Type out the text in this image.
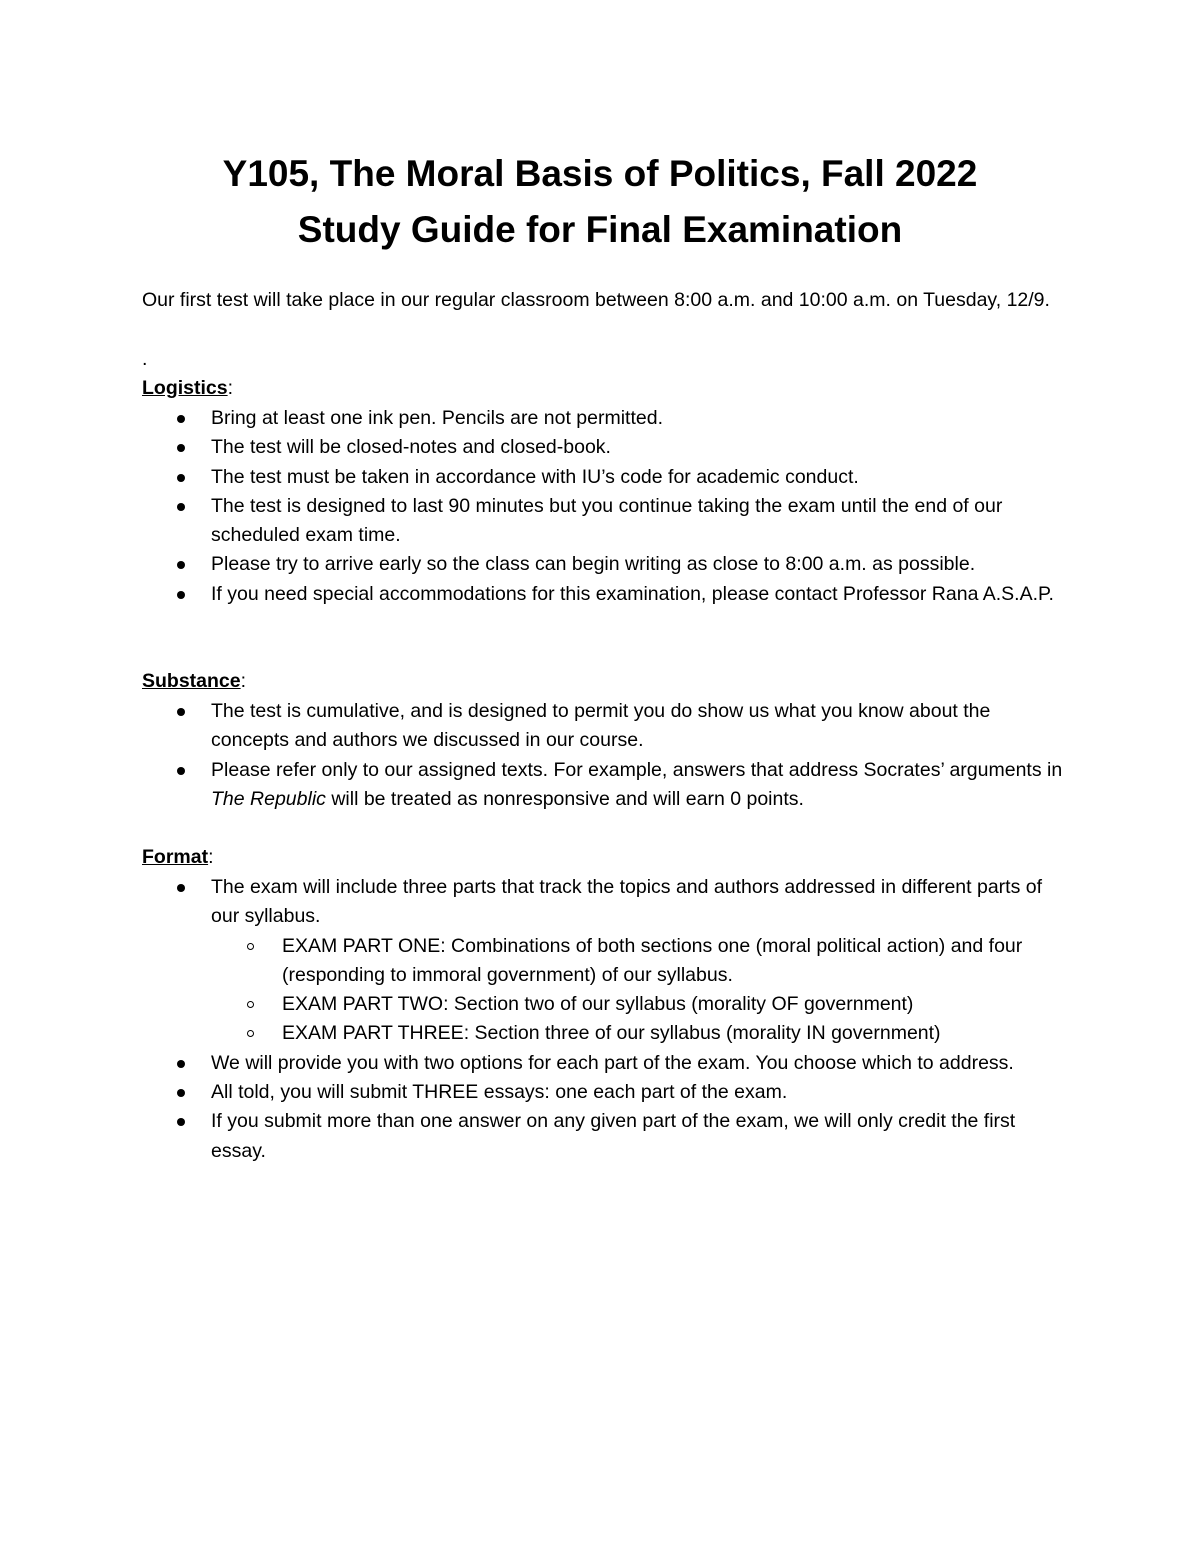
Y105, The Moral Basis of Politics, Fall 2022
Study Guide for Final Examination
Our first test will take place in our regular classroom between 8:00 a.m. and 10:00 a.m. on Tuesday, 12/9.
.
Logistics:
Bring at least one ink pen. Pencils are not permitted.
The test will be closed-notes and closed-book.
The test must be taken in accordance with IU’s code for academic conduct.
The test is designed to last 90 minutes but you continue taking the exam until the end of our scheduled exam time.
Please try to arrive early so the class can begin writing as close to 8:00 a.m. as possible.
If you need special accommodations for this examination, please contact Professor Rana A.S.A.P.
Substance:
The test is cumulative, and is designed to permit you do show us what you know about the concepts and authors we discussed in our course.
Please refer only to our assigned texts. For example, answers that address Socrates’ arguments in The Republic will be treated as nonresponsive and will earn 0 points.
Format:
The exam will include three parts that track the topics and authors addressed in different parts of our syllabus.
EXAM PART ONE: Combinations of both sections one (moral political action) and four (responding to immoral government) of our syllabus.
EXAM PART TWO: Section two of our syllabus (morality OF government)
EXAM PART THREE: Section three of our syllabus (morality IN government)
We will provide you with two options for each part of the exam. You choose which to address.
All told, you will submit THREE essays: one each part of the exam.
If you submit more than one answer on any given part of the exam, we will only credit the first essay.
